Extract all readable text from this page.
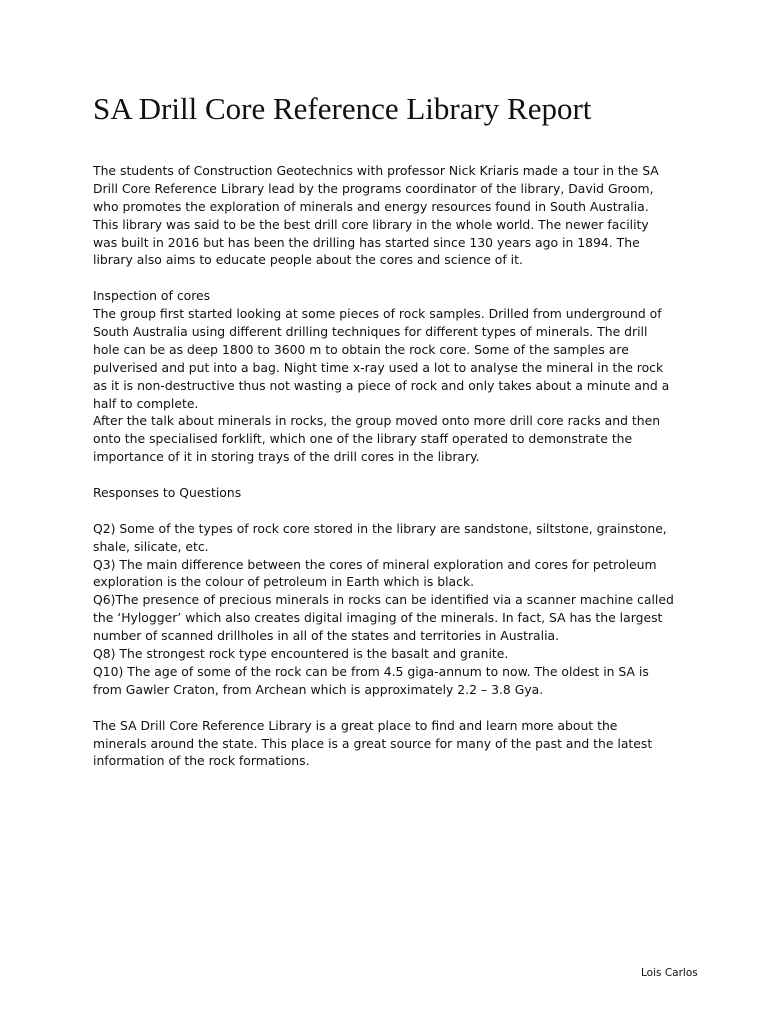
SA Drill Core Reference Library Report
The students of Construction Geotechnics with professor Nick Kriaris made a tour in the SA
Drill Core Reference Library lead by the programs coordinator of the library, David Groom,
who promotes the exploration of minerals and energy resources found in South Australia.
This library was said to be the best drill core library in the whole world. The newer facility
was built in 2016 but has been the drilling has started since 130 years ago in 1894. The
library also aims to educate people about the cores and science of it.
Inspection of cores
The group first started looking at some pieces of rock samples. Drilled from underground of
South Australia using different drilling techniques for different types of minerals. The drill
hole can be as deep 1800 to 3600 m to obtain the rock core. Some of the samples are
pulverised and put into a bag. Night time x-ray used a lot to analyse the mineral in the rock
as it is non-destructive thus not wasting a piece of rock and only takes about a minute and a
half to complete.
After the talk about minerals in rocks, the group moved onto more drill core racks and then
onto the specialised forklift, which one of the library staff operated to demonstrate the
importance of it in storing trays of the drill cores in the library.
Responses to Questions
Q2) Some of the types of rock core stored in the library are sandstone, siltstone, grainstone,
shale, silicate, etc.
Q3) The main difference between the cores of mineral exploration and cores for petroleum
exploration is the colour of petroleum in Earth which is black.
Q6)The presence of precious minerals in rocks can be identified via a scanner machine called
the ‘Hylogger’ which also creates digital imaging of the minerals. In fact, SA has the largest
number of scanned drillholes in all of the states and territories in Australia.
Q8) The strongest rock type encountered is the basalt and granite.
Q10) The age of some of the rock can be from 4.5 giga-annum to now. The oldest in SA is
from Gawler Craton, from Archean which is approximately 2.2 – 3.8 Gya.
The SA Drill Core Reference Library is a great place to find and learn more about the
minerals around the state. This place is a great source for many of the past and the latest
information of the rock formations.
Lois Carlos
